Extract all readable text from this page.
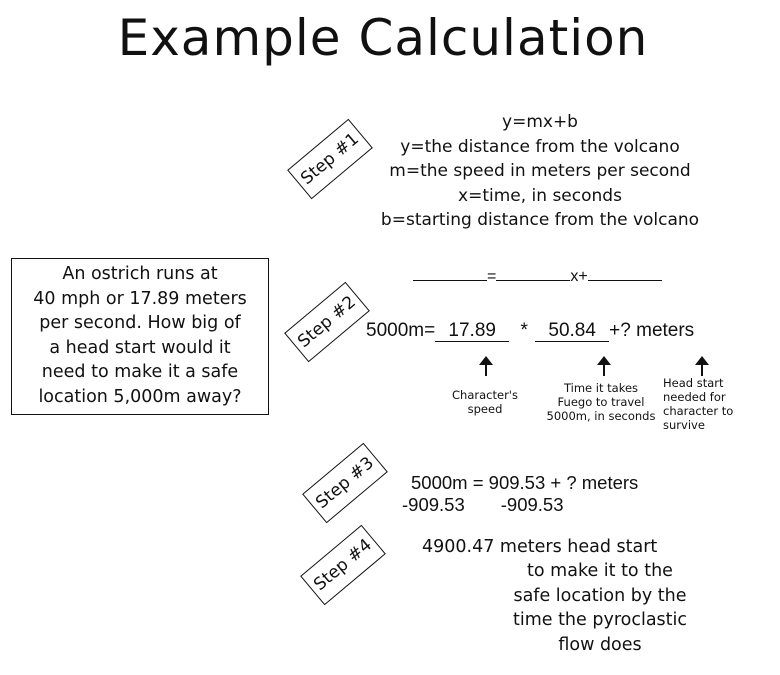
Example Calculation
Step #1
y=mx+b
y=the distance from the volcano
m=the speed in meters per second
x=time, in seconds
b=starting distance from the volcano
An ostrich runs at
40 mph or 17.89 meters
per second. How big of
a head start would it
need to make it a safe
location 5,000m away?
Step #2
=	x+
5000m= 17.89 * 50.84 +? meters
Character's
speed
Time it takes
Fuego to travel
5000m, in seconds
Head start
needed for
character to
survive
Step #3 5000m = 909.53 + ? meters
-909.53 -909.53
Step #4	4900.47 meters head start
to make it to the
safe location by the
time the pyroclastic
flow does
